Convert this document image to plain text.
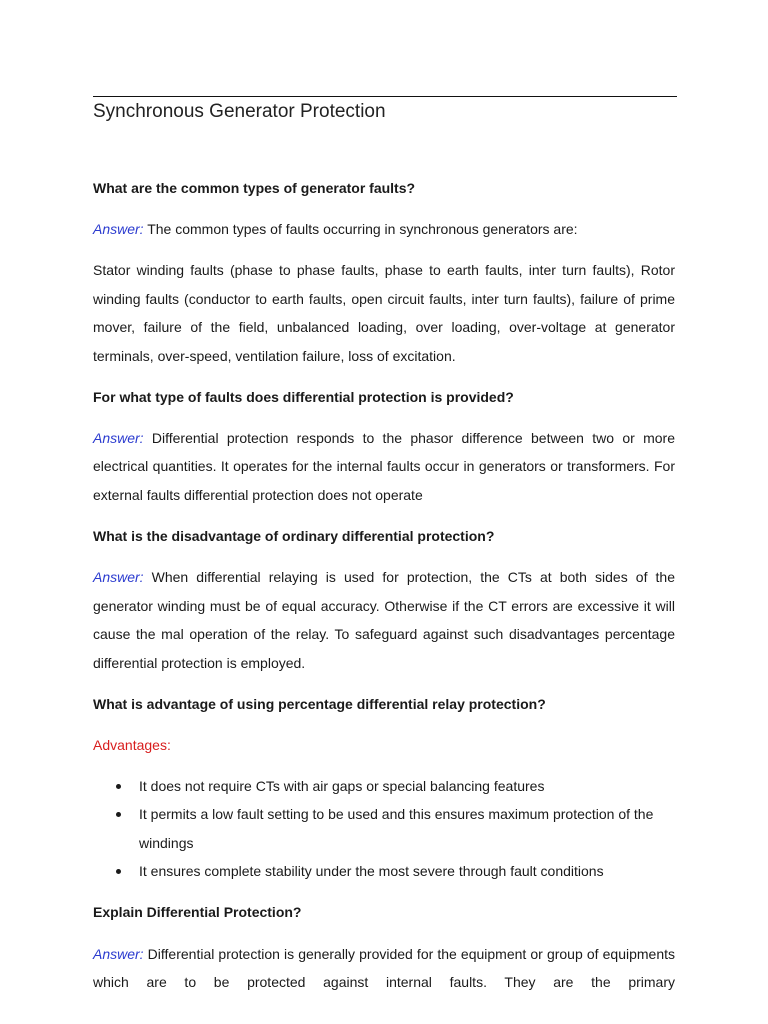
Synchronous Generator Protection

What are the common types of generator faults?

Answer: The common types of faults occurring in synchronous generators are:

Stator winding faults (phase to phase faults, phase to earth faults, inter turn faults), Rotor winding faults (conductor to earth faults, open circuit faults, inter turn faults), failure of prime mover, failure of the field, unbalanced loading, over loading, over-voltage at generator terminals, over-speed, ventilation failure, loss of excitation.

For what type of faults does differential protection is provided?

Answer: Differential protection responds to the phasor difference between two or more electrical quantities. It operates for the internal faults occur in generators or transformers. For external faults differential protection does not operate

What is the disadvantage of ordinary differential protection?

Answer: When differential relaying is used for protection, the CTs at both sides of the generator winding must be of equal accuracy. Otherwise if the CT errors are excessive it will cause the mal operation of the relay. To safeguard against such disadvantages percentage differential protection is employed.

What is advantage of using percentage differential relay protection?

Advantages:

It does not require CTs with air gaps or special balancing features
It permits a low fault setting to be used and this ensures maximum protection of the windings
It ensures complete stability under the most severe through fault conditions

Explain Differential Protection?

Answer: Differential protection is generally provided for the equipment or group of equipments which are to be protected against internal faults. They are the primary
